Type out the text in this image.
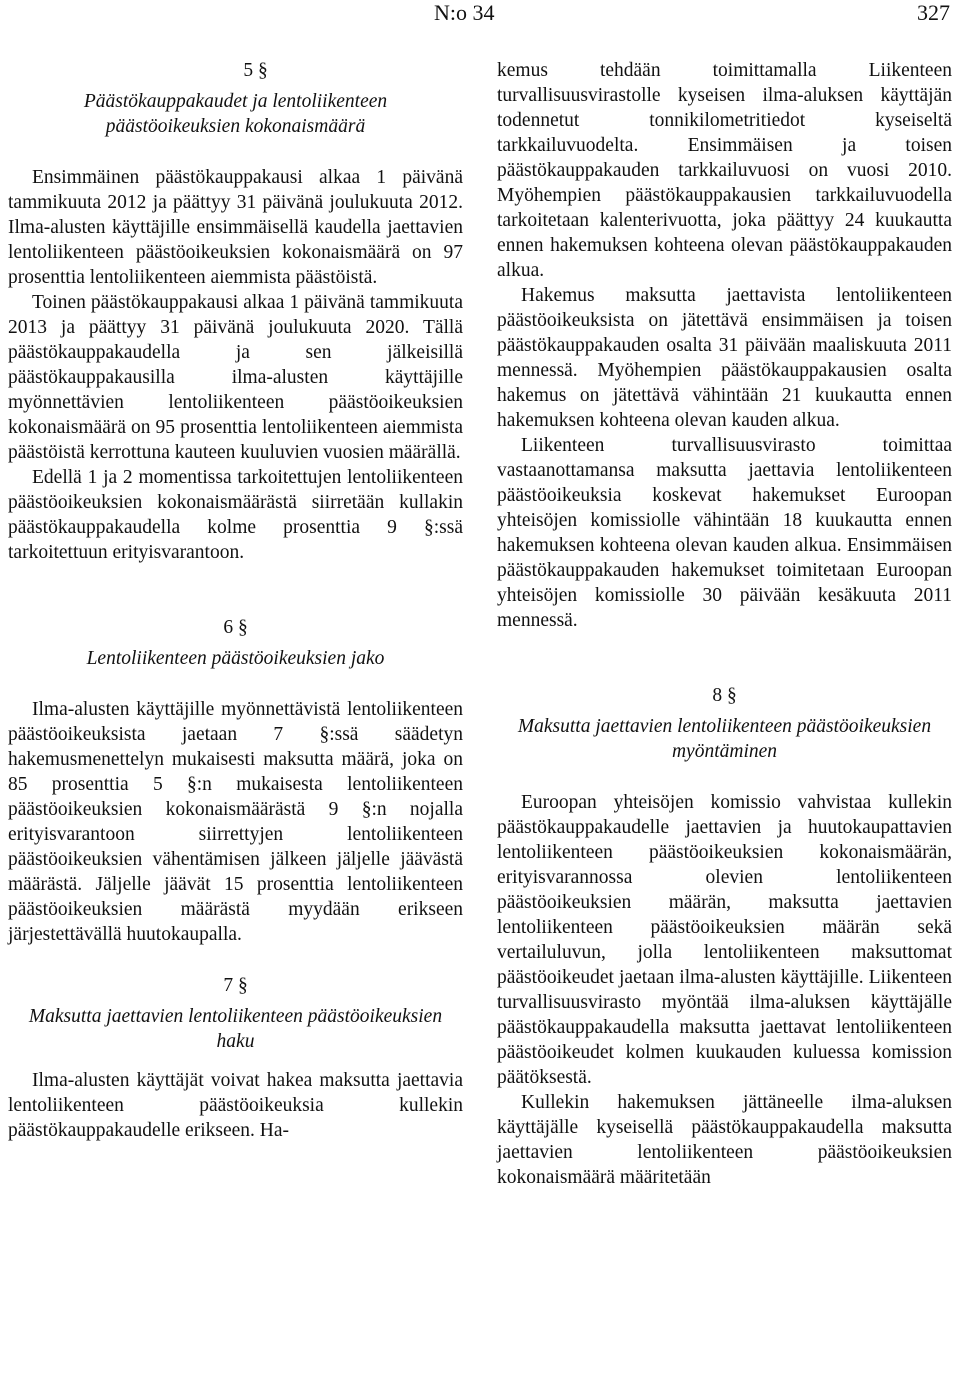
N:o 34	327

5 §

Päästökauppakaudet ja lentoliikenteen päästöoikeuksien kokonaismäärä

Ensimmäinen päästökauppakausi alkaa 1 päivänä tammikuuta 2012 ja päättyy 31 päivänä joulukuuta 2012. Ilma-alusten käyttäjille ensimmäisellä kaudella jaettavien lentoliikenteen päästöoikeuksien kokonaismäärä on 97 prosenttia lentoliikenteen aiemmista päästöistä.

Toinen päästökauppakausi alkaa 1 päivänä tammikuuta 2013 ja päättyy 31 päivänä joulukuuta 2020. Tällä päästökauppakaudella ja sen jälkeisillä päästökauppakausilla ilma-alusten käyttäjille myönnettävien lentoliikenteen päästöoikeuksien kokonaismäärä on 95 prosenttia lentoliikenteen aiemmista päästöistä kerrottuna kauteen kuuluvien vuosien määrällä.

Edellä 1 ja 2 momentissa tarkoitettujen lentoliikenteen päästöoikeuksien kokonaismäärästä siirretään kullakin päästökauppakaudella kolme prosenttia 9 §:ssä tarkoitettuun erityisvarantoon.

6 §

Lentoliikenteen päästöoikeuksien jako

Ilma-alusten käyttäjille myönnettävistä lentoliikenteen päästöoikeuksista jaetaan 7 §:ssä säädetyn hakemusmenettelyn mukaisesti maksutta määrä, joka on 85 prosenttia 5 §:n mukaisesta lentoliikenteen päästöoikeuksien kokonaismäärästä 9 §:n nojalla erityisvarantoon siirrettyjen lentoliikenteen päästöoikeuksien vähentämisen jälkeen jäljelle jäävästä määrästä. Jäljelle jäävät 15 prosenttia lentoliikenteen päästöoikeuksien määrästä myydään erikseen järjestettävällä huutokaupalla.

7 §

Maksutta jaettavien lentoliikenteen päästöoikeuksien haku

Ilma-alusten käyttäjät voivat hakea maksutta jaettavia lentoliikenteen päästöoikeuksia kullekin päästökauppakaudelle erikseen. Ha-

kemus tehdään toimittamalla Liikenteen turvallisuusvirastolle kyseisen ilma-aluksen käyttäjän todennetut tonnikilometritiedot kyseiseltä tarkkailuvuodelta. Ensimmäisen ja toisen päästökauppakauden tarkkailuvuosi on vuosi 2010. Myöhempien päästökauppakausien tarkkailuvuodella tarkoitetaan kalenterivuotta, joka päättyy 24 kuukautta ennen hakemuksen kohteena olevan päästökauppakauden alkua.

Hakemus maksutta jaettavista lentoliikenteen päästöoikeuksista on jätettävä ensimmäisen ja toisen päästökauppakauden osalta 31 päivään maaliskuuta 2011 mennessä. Myöhempien päästökauppakausien osalta hakemus on jätettävä vähintään 21 kuukautta ennen hakemuksen kohteena olevan kauden alkua.

Liikenteen turvallisuusvirasto toimittaa vastaanottamansa maksutta jaettavia lentoliikenteen päästöoikeuksia koskevat hakemukset Euroopan yhteisöjen komissiolle vähintään 18 kuukautta ennen hakemuksen kohteena olevan kauden alkua. Ensimmäisen päästökauppakauden hakemukset toimitetaan Euroopan yhteisöjen komissiolle 30 päivään kesäkuuta 2011 mennessä.

8 §

Maksutta jaettavien lentoliikenteen päästöoikeuksien myöntäminen

Euroopan yhteisöjen komissio vahvistaa kullekin päästökauppakaudelle jaettavien ja huutokaupattavien lentoliikenteen päästöoikeuksien kokonaismäärän, erityisvarannossa olevien lentoliikenteen päästöoikeuksien määrän, maksutta jaettavien lentoliikenteen päästöoikeuksien määrän sekä vertailuluvun, jolla lentoliikenteen maksuttomat päästöoikeudet jaetaan ilma-alusten käyttäjille. Liikenteen turvallisuusvirasto myöntää ilma-aluksen käyttäjälle päästökauppakaudella maksutta jaettavat lentoliikenteen päästöoikeudet kolmen kuukauden kuluessa komission päätöksestä.

Kullekin hakemuksen jättäneelle ilma-aluksen käyttäjälle kyseisellä päästökauppakaudella maksutta jaettavien lentoliikenteen päästöoikeuksien kokonaismäärä määritetään
